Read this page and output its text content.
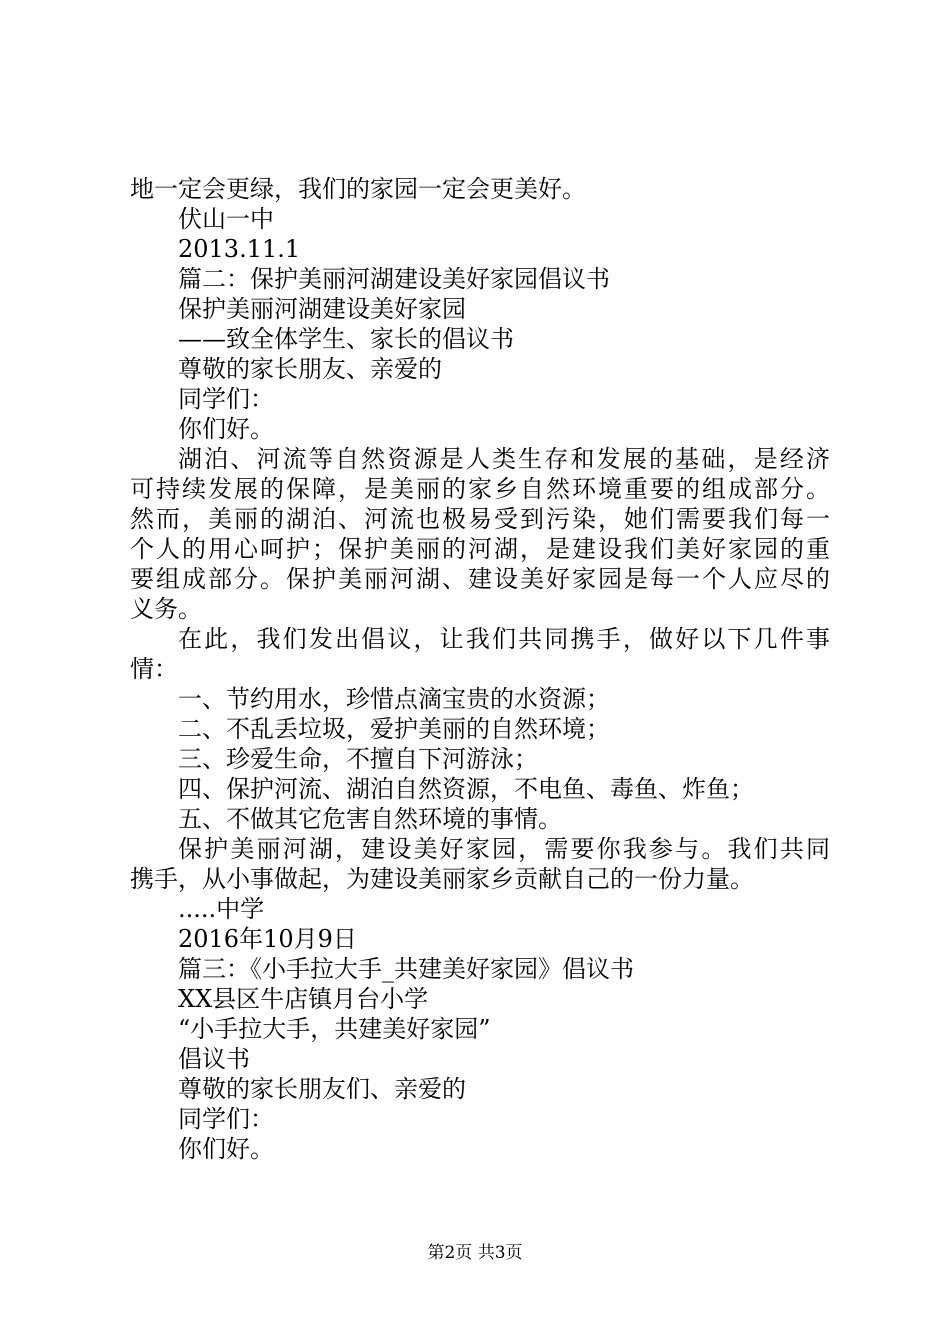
地一定会更绿，我们的家园一定会更美好。
伏山一中
2013.11.1
篇二：保护美丽河湖建设美好家园倡议书
保护美丽河湖建设美好家园
——致全体学生、家长的倡议书
尊敬的家长朋友、亲爱的
同学们：
你们好。
湖泊、河流等自然资源是人类生存和发展的基础，是经济
可持续发展的保障，是美丽的家乡自然环境重要的组成部分。
然而，美丽的湖泊、河流也极易受到污染，她们需要我们每一
个人的用心呵护；保护美丽的河湖，是建设我们美好家园的重
要组成部分。保护美丽河湖、建设美好家园是每一个人应尽的
义务。
在此，我们发出倡议，让我们共同携手，做好以下几件事
情：
一、节约用水，珍惜点滴宝贵的水资源；
二、不乱丢垃圾，爱护美丽的自然环境；
三、珍爱生命，不擅自下河游泳；
四、保护河流、湖泊自然资源，不电鱼、毒鱼、炸鱼；
五、不做其它危害自然环境的事情。
保护美丽河湖，建设美好家园，需要你我参与。我们共同
携手，从小事做起，为建设美丽家乡贡献自己的一份力量。
.....中学
2016年10月9日
篇三：《小手拉大手_共建美好家园》倡议书
XX县区牛店镇月台小学
“小手拉大手，共建美好家园”
倡议书
尊敬的家长朋友们、亲爱的
同学们：
你们好。
第2页 共3页
